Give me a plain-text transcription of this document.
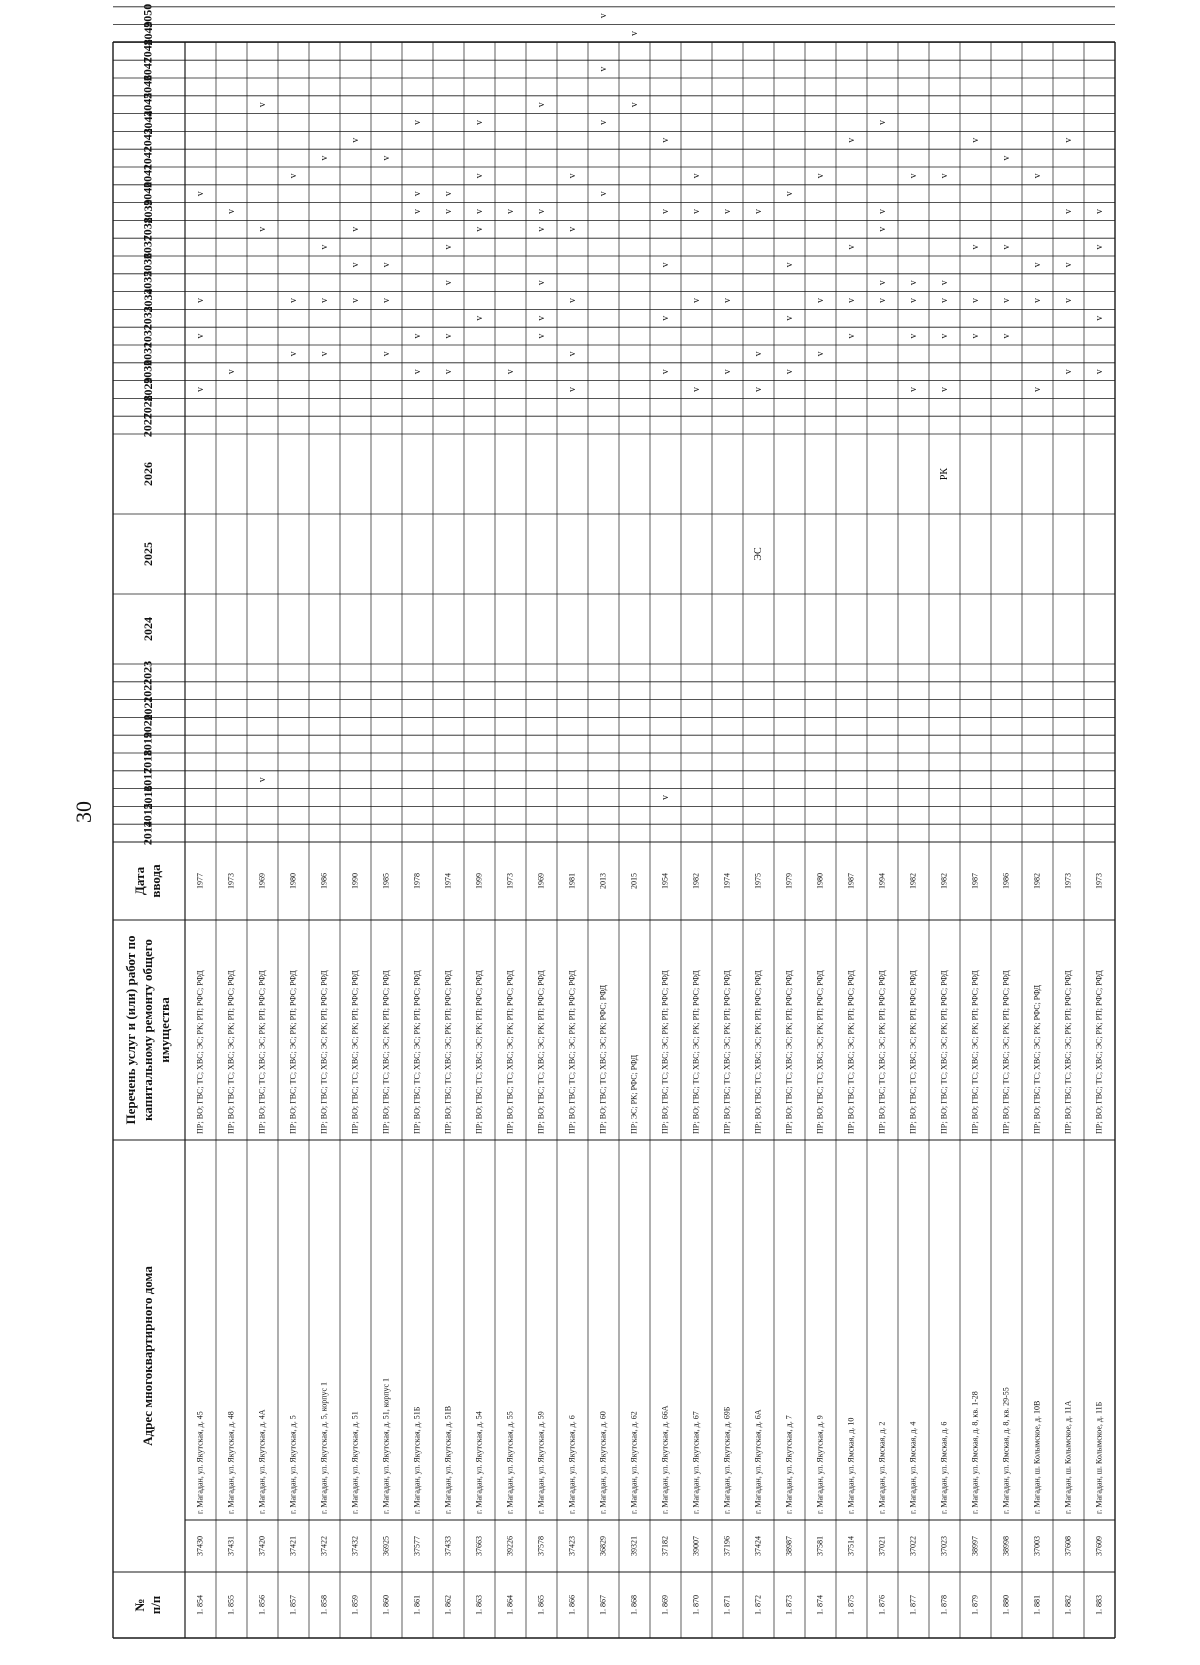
30
№ п/п
Адрес многоквартирного дома
Перечень услуг и (или) работ по капитальному ремонту общего имущества
Дата ввода
2014
2015
2016
2017
2018
2019
2020
2021
2022
2023
2024
2025
2026
2027
2028
2029
2030
2031
2032
2033
2034
2035
2036
2037
2038
2039
2040
2041
2042
2043
2044
2045
2046
2047
2048
2049
2050
1. 854
37430
г. Магадан, ул. Якутская, д. 45
ПР; ВО; ГВС; ТС; ХВС; ЭС; РК; РП; РФС; РФД
1977
v
v
v
v
1. 855
37431
г. Магадан, ул. Якутская, д. 48
ПР; ВО; ГВС; ТС; ХВС; ЭС; РК; РП; РФС; РФД
1973
v
v
1. 856
37420
г. Магадан, ул. Якутская, д. 4А
ПР; ВО; ГВС; ТС; ХВС; ЭС; РК; РП; РФС; РФД
1969
v
v
v
1. 857
37421
г. Магадан, ул. Якутская, д. 5
ПР; ВО; ГВС; ТС; ХВС; ЭС; РК; РП; РФС; РФД
1980
v
v
v
1. 858
37422
г. Магадан, ул. Якутская, д. 5, корпус 1
ПР; ВО; ГВС; ТС; ХВС; ЭС; РК; РП; РФС; РФД
1986
v
v
v
v
1. 859
37432
г. Магадан, ул. Якутская, д. 51
ПР; ВО; ГВС; ТС; ХВС; ЭС; РК; РП; РФС; РФД
1990
v
v
v
v
1. 860
36925
г. Магадан, ул. Якутская, д. 51, корпус 1
ПР; ВО; ГВС; ТС; ХВС; ЭС; РК; РП; РФС; РФД
1985
v
v
v
v
1. 861
37577
г. Магадан, ул. Якутская, д. 51Б
ПР; ВО; ГВС; ТС; ХВС; ЭС; РК; РП; РФС; РФД
1978
v
v
v
v
v
1. 862
37433
г. Магадан, ул. Якутская, д. 51В
ПР; ВО; ГВС; ТС; ХВС; ЭС; РК; РП; РФС; РФД
1974
v
v
v
v
v
v
1. 863
37663
г. Магадан, ул. Якутская, д. 54
ПР; ВО; ГВС; ТС; ХВС; ЭС; РК; РП; РФС; РФД
1999
v
v
v
v
v
1. 864
39226
г. Магадан, ул. Якутская, д. 55
ПР; ВО; ГВС; ТС; ХВС; ЭС; РК; РП; РФС; РФД
1973
v
v
1. 865
37578
г. Магадан, ул. Якутская, д. 59
ПР; ВО; ГВС; ТС; ХВС; ЭС; РК; РП; РФС; РФД
1969
v
v
v
v
v
v
1. 866
37423
г. Магадан, ул. Якутская, д. 6
ПР; ВО; ГВС; ТС; ХВС; ЭС; РК; РП; РФС; РФД
1981
v
v
v
v
v
1. 867
36829
г. Магадан, ул. Якутская, д. 60
ПР; ВО; ГВС; ТС; ХВС; ЭС; РК; РФС; РФД
2013
v
v
v
v
1. 868
39321
г. Магадан, ул. Якутская, д. 62
ПР; ЭС; РК; РФС; РФД
2015
v
v
1. 869
37182
г. Магадан, ул. Якутская, д. 66А
ПР; ВО; ГВС; ТС; ХВС; ЭС; РК; РП; РФС; РФД
1954
v
v
v
v
v
v
1. 870
39007
г. Магадан, ул. Якутская, д. 67
ПР; ВО; ГВС; ТС; ХВС; ЭС; РК; РП; РФС; РФД
1982
v
v
v
v
1. 871
37196
г. Магадан, ул. Якутская, д. 69Б
ПР; ВО; ГВС; ТС; ХВС; ЭС; РК; РП; РФС; РФД
1974
v
v
v
1. 872
37424
г. Магадан, ул. Якутская, д. 6А
ПР; ВО; ГВС; ТС; ХВС; ЭС; РК; РП; РФС; РФД
1975
ЭС
v
v
v
1. 873
38987
г. Магадан, ул. Якутская, д. 7
ПР; ВО; ГВС; ТС; ХВС; ЭС; РК; РП; РФС; РФД
1979
v
v
v
v
1. 874
37581
г. Магадан, ул. Якутская, д. 9
ПР; ВО; ГВС; ТС; ХВС; ЭС; РК; РП; РФС; РФД
1980
v
v
v
1. 875
37514
г. Магадан, ул. Ямская, д. 10
ПР; ВО; ГВС; ТС; ХВС; ЭС; РК; РП; РФС; РФД
1987
v
v
v
v
1. 876
37021
г. Магадан, ул. Ямская, д. 2
ПР; ВО; ГВС; ТС; ХВС; ЭС; РК; РП; РФС; РФД
1994
v
v
v
v
v
1. 877
37022
г. Магадан, ул. Ямская, д. 4
ПР; ВО; ГВС; ТС; ХВС; ЭС; РК; РП; РФС; РФД
1982
v
v
v
v
v
1. 878
37023
г. Магадан, ул. Ямская, д. 6
ПР; ВО; ГВС; ТС; ХВС; ЭС; РК; РП; РФС; РФД
1982
РК
v
v
v
v
v
1. 879
38997
г. Магадан, ул. Ямская, д. 8, кв. 1-28
ПР; ВО; ГВС; ТС; ХВС; ЭС; РК; РП; РФС; РФД
1987
v
v
v
v
1. 880
38998
г. Магадан, ул. Ямская, д. 8, кв. 29-55
ПР; ВО; ГВС; ТС; ХВС; ЭС; РК; РП; РФС; РФД
1986
v
v
v
v
1. 881
37003
г. Магадан, ш. Колымское, д. 10В
ПР; ВО; ГВС; ТС; ХВС; ЭС; РК; РФС; РФД
1982
v
v
v
v
1. 882
37608
г. Магадан, ш. Колымское, д. 11А
ПР; ВО; ГВС; ТС; ХВС; ЭС; РК; РП; РФС; РФД
1973
v
v
v
v
v
1. 883
37609
г. Магадан, ш. Колымское, д. 11Б
ПР; ВО; ГВС; ТС; ХВС; ЭС; РК; РП; РФС; РФД
1973
v
v
v
v
